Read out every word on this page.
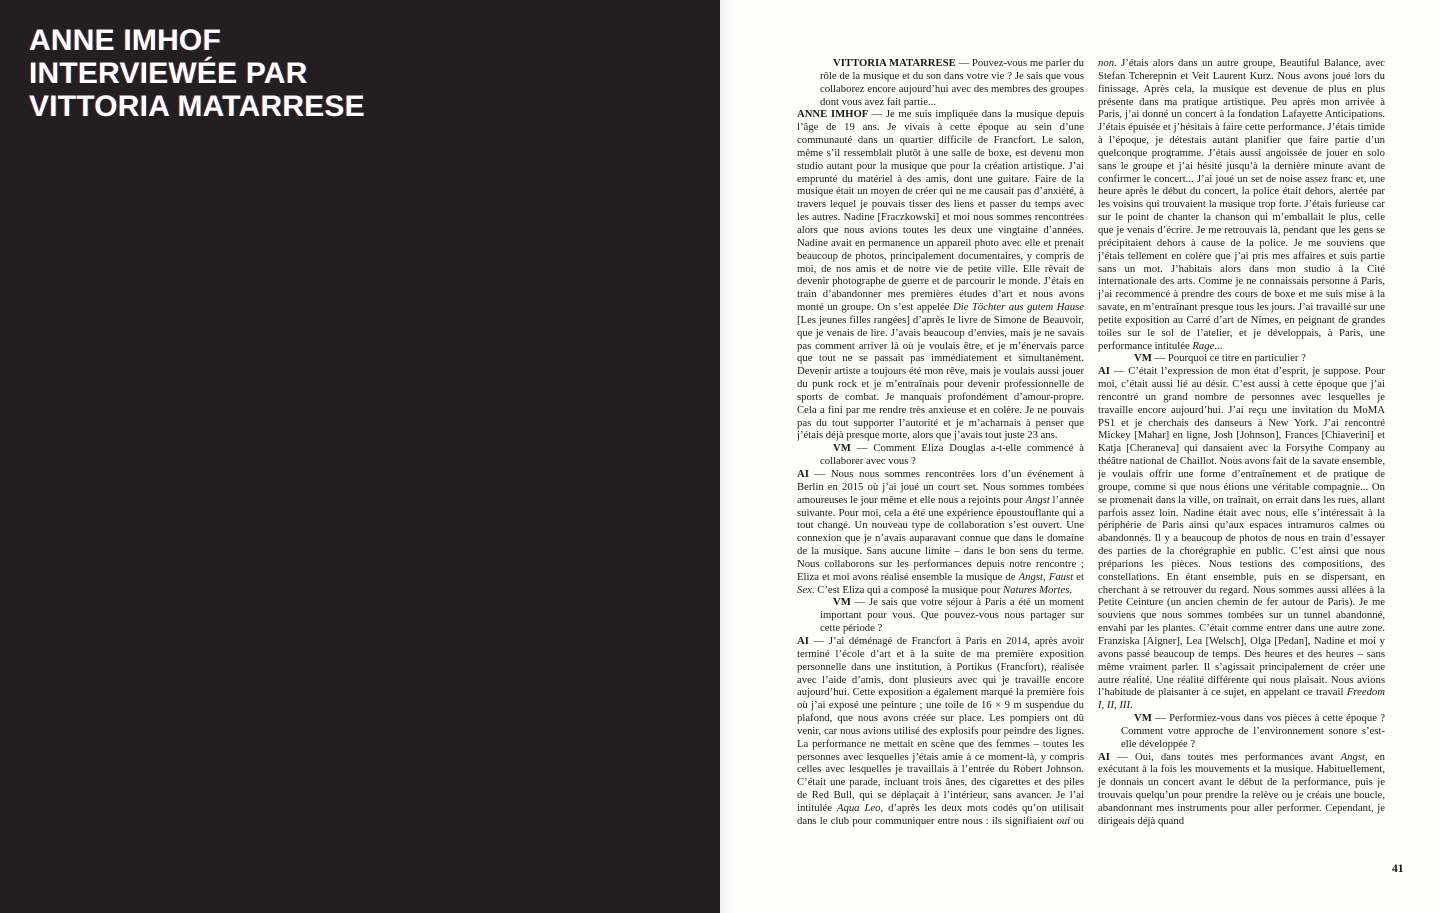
ANNE IMHOF
INTERVIEWÉE PAR
VITTORIA MATARRESE

VITTORIA MATARRESE — Pouvez-vous me parler du rôle de la musique et du son dans votre vie ? Je sais que vous collaborez encore aujourd’hui avec des membres des groupes dont vous avez fait partie...

ANNE IMHOF — Je me suis impliquée dans la musique depuis l’âge de 19 ans. Je vivais à cette époque au sein d’une communauté dans un quartier difficile de Francfort. Le salon, même s’il ressemblait plutôt à une salle de boxe, est devenu mon studio autant pour la musique que pour la création artistique. J’ai emprunté du matériel à des amis, dont une guitare. Faire de la musique était un moyen de créer qui ne me causait pas d’anxiété, à travers lequel je pouvais tisser des liens et passer du temps avec les autres. Nadine [Fraczkowski] et moi nous sommes rencontrées alors que nous avions toutes les deux une vingtaine d’années. Nadine avait en permanence un appareil photo avec elle et prenait beaucoup de photos, principalement documentaires, y compris de moi, de nos amis et de notre vie de petite ville. Elle rêvait de devenir photographe de guerre et de parcourir le monde. J’étais en train d’abandonner mes premières études d’art et nous avons monté un groupe. On s’est appelée Die Töchter aus gutem Hause [Les jeunes filles rangées] d’après le livre de Simone de Beauvoir, que je venais de lire. J’avais beaucoup d’envies, mais je ne savais pas comment arriver là où je voulais être, et je m’énervais parce que tout ne se passait pas immédiatement et simultanément. Devenir artiste a toujours été mon rêve, mais je voulais aussi jouer du punk rock et je m’entraînais pour devenir professionnelle de sports de combat. Je manquais profondément d’amour-propre. Cela a fini par me rendre très anxieuse et en colère. Je ne pouvais pas du tout supporter l’autorité et je m’acharnais à penser que j’étais déjà presque morte, alors que j’avais tout juste 23 ans.

VM — Comment Eliza Douglas a-t-elle commencé à collaborer avec vous ?

AI — Nous nous sommes rencontrées lors d’un événement à Berlin en 2015 où j’ai joué un court set. Nous sommes tombées amoureuses le jour même et elle nous a rejoints pour Angst l’année suivante. Pour moi, cela a été une expérience époustouflante qui a tout changé. Un nouveau type de collaboration s’est ouvert. Une connexion que je n’avais auparavant connue que dans le domaine de la musique. Sans aucune limite – dans le bon sens du terme. Nous collaborons sur les performances depuis notre rencontre ; Eliza et moi avons réalisé ensemble la musique de Angst, Faust et Sex. C’est Eliza qui a composé la musique pour Natures Mortes.

VM — Je sais que votre séjour à Paris a été un moment important pour vous. Que pouvez-vous nous partager sur cette période ?

AI — J’ai déménagé de Francfort à Paris en 2014, après avoir terminé l’école d’art et à la suite de ma première exposition personnelle dans une institution, à Portikus (Francfort), réalisée avec l’aide d’amis, dont plusieurs avec qui je travaille encore aujourd’hui. Cette exposition a également marqué la première fois où j’ai exposé une peinture ; une toile de 16 × 9 m suspendue du plafond, que nous avons créée sur place. Les pompiers ont dû venir, car nous avions utilisé des explosifs pour peindre des lignes. La performance ne mettait en scène que des femmes – toutes les personnes avec lesquelles j’étais amie à ce moment-là, y compris celles avec lesquelles je travaillais à l’entrée du Robert Johnson. C’était une parade, incluant trois ânes, des cigarettes et des piles de Red Bull, qui se déplaçait à l’intérieur, sans avancer. Je l’ai intitulée Aqua Leo, d’après les deux mots codés qu’on utilisait dans le club pour communiquer entre nous : ils signifiaient oui ou non. J’étais alors dans un autre groupe, Beautiful Balance, avec Stefan Tcherepnin et Veit Laurent Kurz. Nous avons joué lors du finissage. Après cela, la musique est devenue de plus en plus présente dans ma pratique artistique. Peu après mon arrivée à Paris, j’ai donné un concert à la fondation Lafayette Anticipations. J’étais épuisée et j’hésitais à faire cette performance. J’étais timide à l’époque, je détestais autant planifier que faire partie d’un quelconque programme. J’étais aussi angoissée de jouer en solo sans le groupe et j’ai hésité jusqu’à la dernière minute avant de confirmer le concert... J’ai joué un set de noise assez franc et, une heure après le début du concert, la police était dehors, alertée par les voisins qui trouvaient la musique trop forte. J’étais furieuse car sur le point de chanter la chanson qui m’emballait le plus, celle que je venais d’écrire. Je me retrouvais là, pendant que les gens se précipitaient dehors à cause de la police. Je me souviens que j’étais tellement en colère que j’ai pris mes affaires et suis partie sans un mot. J’habitais alors dans mon studio à la Cité internationale des arts. Comme je ne connaissais personne à Paris, j’ai recommencé à prendre des cours de boxe et me suis mise à la savate, en m’entraînant presque tous les jours. J’ai travaillé sur une petite exposition au Carré d’art de Nîmes, en peignant de grandes toiles sur le sol de l’atelier, et je développais, à Paris, une performance intitulée Rage...

VM — Pourquoi ce titre en particulier ?

AI — C’était l’expression de mon état d’esprit, je suppose. Pour moi, c’était aussi lié au désir. C’est aussi à cette époque que j’ai rencontré un grand nombre de personnes avec lesquelles je travaille encore aujourd’hui. J’ai reçu une invitation du MoMA PS1 et je cherchais des danseurs à New York. J’ai rencontré Mickey [Mahar] en ligne, Josh [Johnson], Frances [Chiaverini] et Katja [Cheraneva] qui dansaient avec la Forsythe Company au théâtre national de Chaillot. Nous avons fait de la savate ensemble, je voulais offrir une forme d’entraînement et de pratique de groupe, comme si que nous étions une véritable compagnie... On se promenait dans la ville, on traînait, on errait dans les rues, allant parfois assez loin. Nadine était avec nous, elle s’intéressait à la périphérie de Paris ainsi qu’aux espaces intramuros calmes ou abandonnés. Il y a beaucoup de photos de nous en train d’essayer des parties de la chorégraphie en public. C’est ainsi que nous préparions les pièces. Nous testions des compositions, des constellations. En étant ensemble, puis en se dispersant, en cherchant à se retrouver du regard. Nous sommes aussi allées à la Petite Ceinture (un ancien chemin de fer autour de Paris). Je me souviens que nous sommes tombées sur un tunnel abandonné, envahi par les plantes. C’était comme entrer dans une autre zone. Franziska [Aigner], Lea [Welsch], Olga [Pedan], Nadine et moi y avons passé beaucoup de temps. Des heures et des heures – sans même vraiment parler. Il s’agissait principalement de créer une autre réalité. Une réalité différente qui nous plaisait. Nous avions l’habitude de plaisanter à ce sujet, en appelant ce travail Freedom I, II, III.

VM — Performiez-vous dans vos pièces à cette époque ? Comment votre approche de l’environnement sonore s’est-elle développée ?

AI — Oui, dans toutes mes performances avant Angst, en exécutant à la fois les mouvements et la musique. Habituellement, je donnais un concert avant le début de la performance, puis je trouvais quelqu’un pour prendre la relève ou je créais une boucle, abandonnant mes instruments pour aller performer. Cependant, je dirigeais déjà quand

41
